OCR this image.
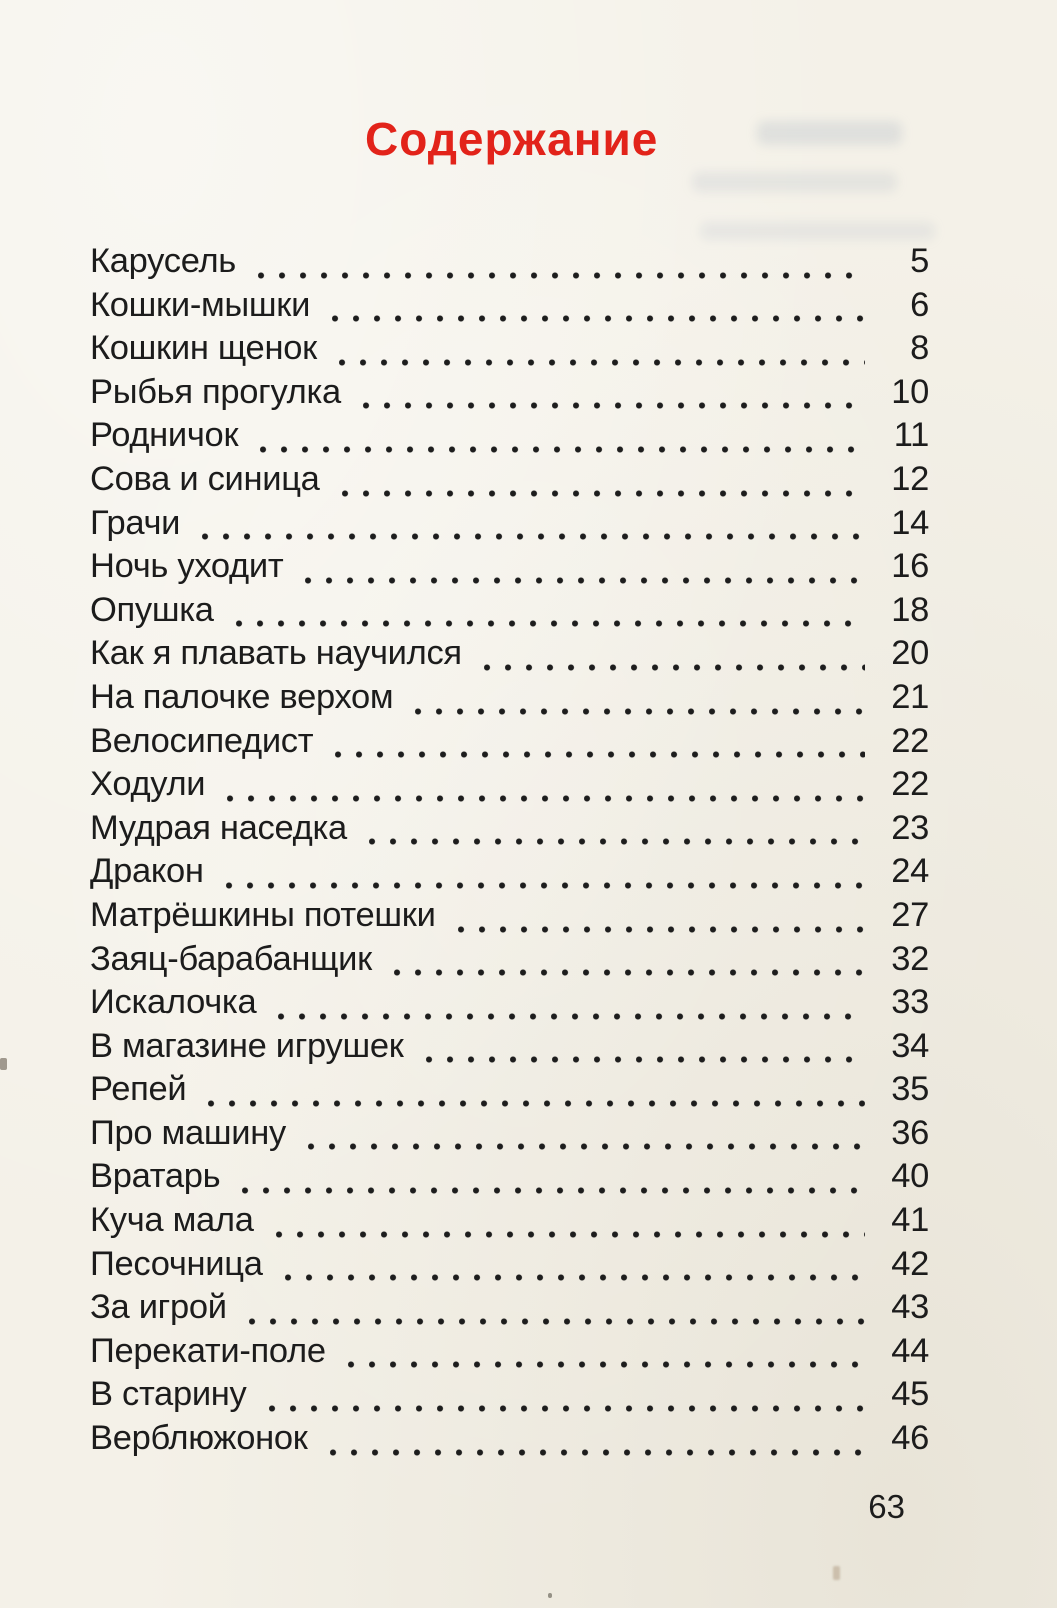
Содержание
Карусель	5
Кошки-мышки	6
Кошкин щенок	8
Рыбья прогулка	10
Родничок	11
Сова и синица	12
Грачи	14
Ночь уходит	16
Опушка	18
Как я плавать научился	20
На палочке верхом	21
Велосипедист	22
Ходули	22
Мудрая наседка	23
Дракон	24
Матрёшкины потешки	27
Заяц-барабанщик	32
Искалочка	33
В магазине игрушек	34
Репей	35
Про машину	36
Вратарь	40
Куча мала	41
Песочница	42
За игрой	43
Перекати-поле	44
В старину	45
Верблюжонок	46
63
